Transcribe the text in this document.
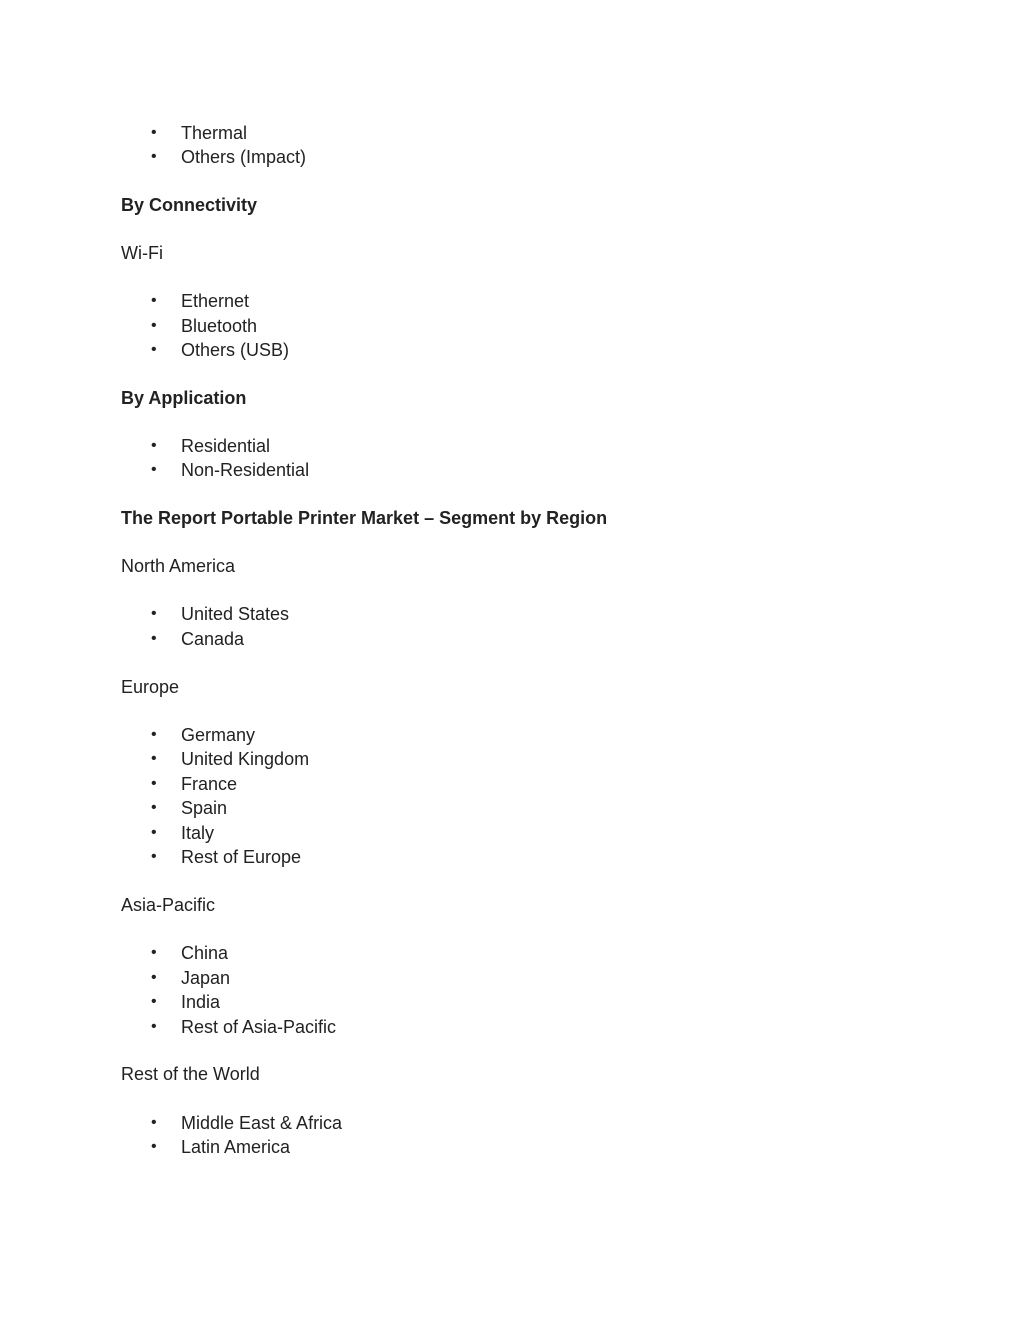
• Thermal
• Others (Impact)
By Connectivity
Wi-Fi
• Ethernet
• Bluetooth
• Others (USB)
By Application
• Residential
• Non-Residential
The Report Portable Printer Market – Segment by Region
North America
• United States
• Canada
Europe
• Germany
• United Kingdom
• France
• Spain
• Italy
• Rest of Europe
Asia-Pacific
• China
• Japan
• India
• Rest of Asia-Pacific
Rest of the World
• Middle East & Africa
• Latin America
